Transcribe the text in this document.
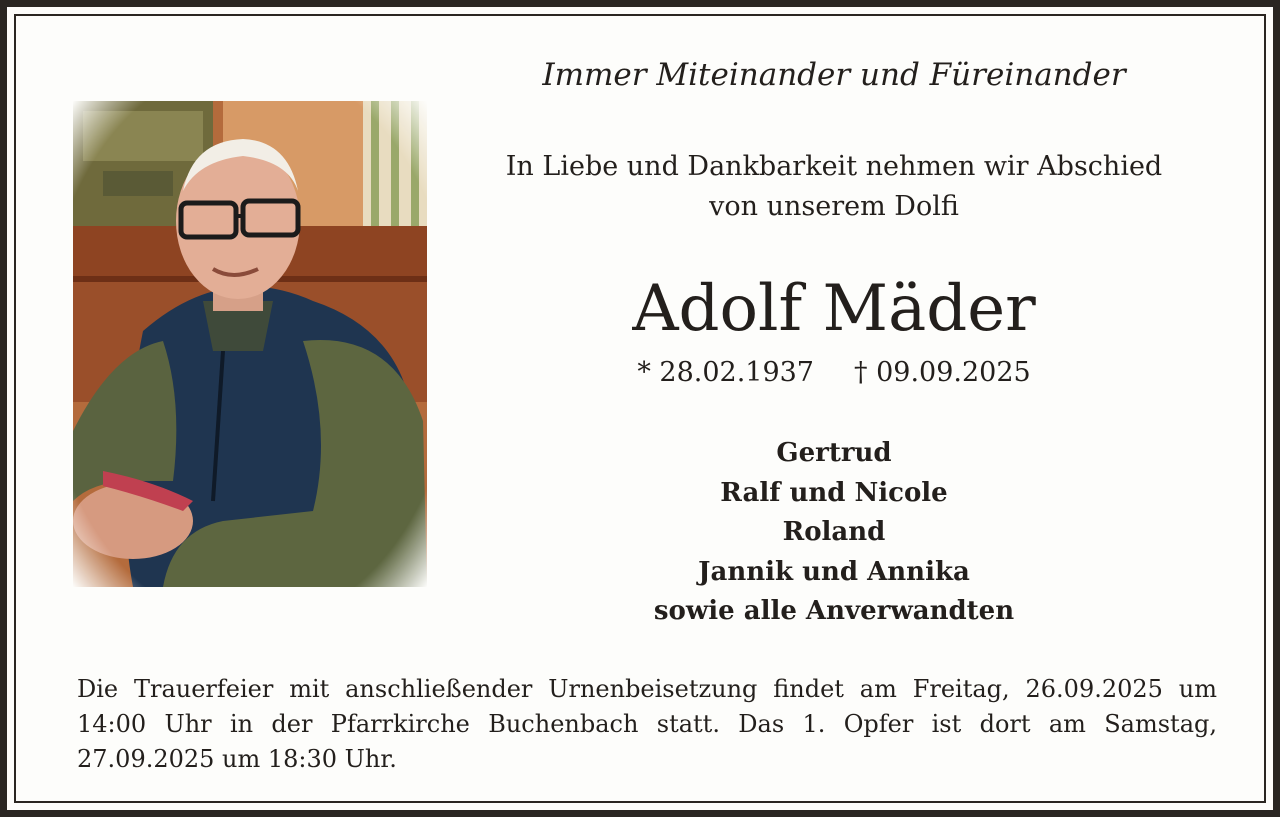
Immer Miteinander und Füreinander

In Liebe und Dankbarkeit nehmen wir Abschied
von unserem Dolfi

Adolf Mäder
* 28.02.1937 † 09.09.2025
Gertrud
Ralf und Nicole
Roland
Jannik und Annika
sowie alle Anverwandten

Die Trauerfeier mit anschließender Urnenbeisetzung findet am Freitag, 26.09.2025 um 14:00 Uhr in der Pfarrkirche Buchenbach statt. Das 1. Opfer ist dort am Samstag, 27.09.2025 um 18:30 Uhr.
